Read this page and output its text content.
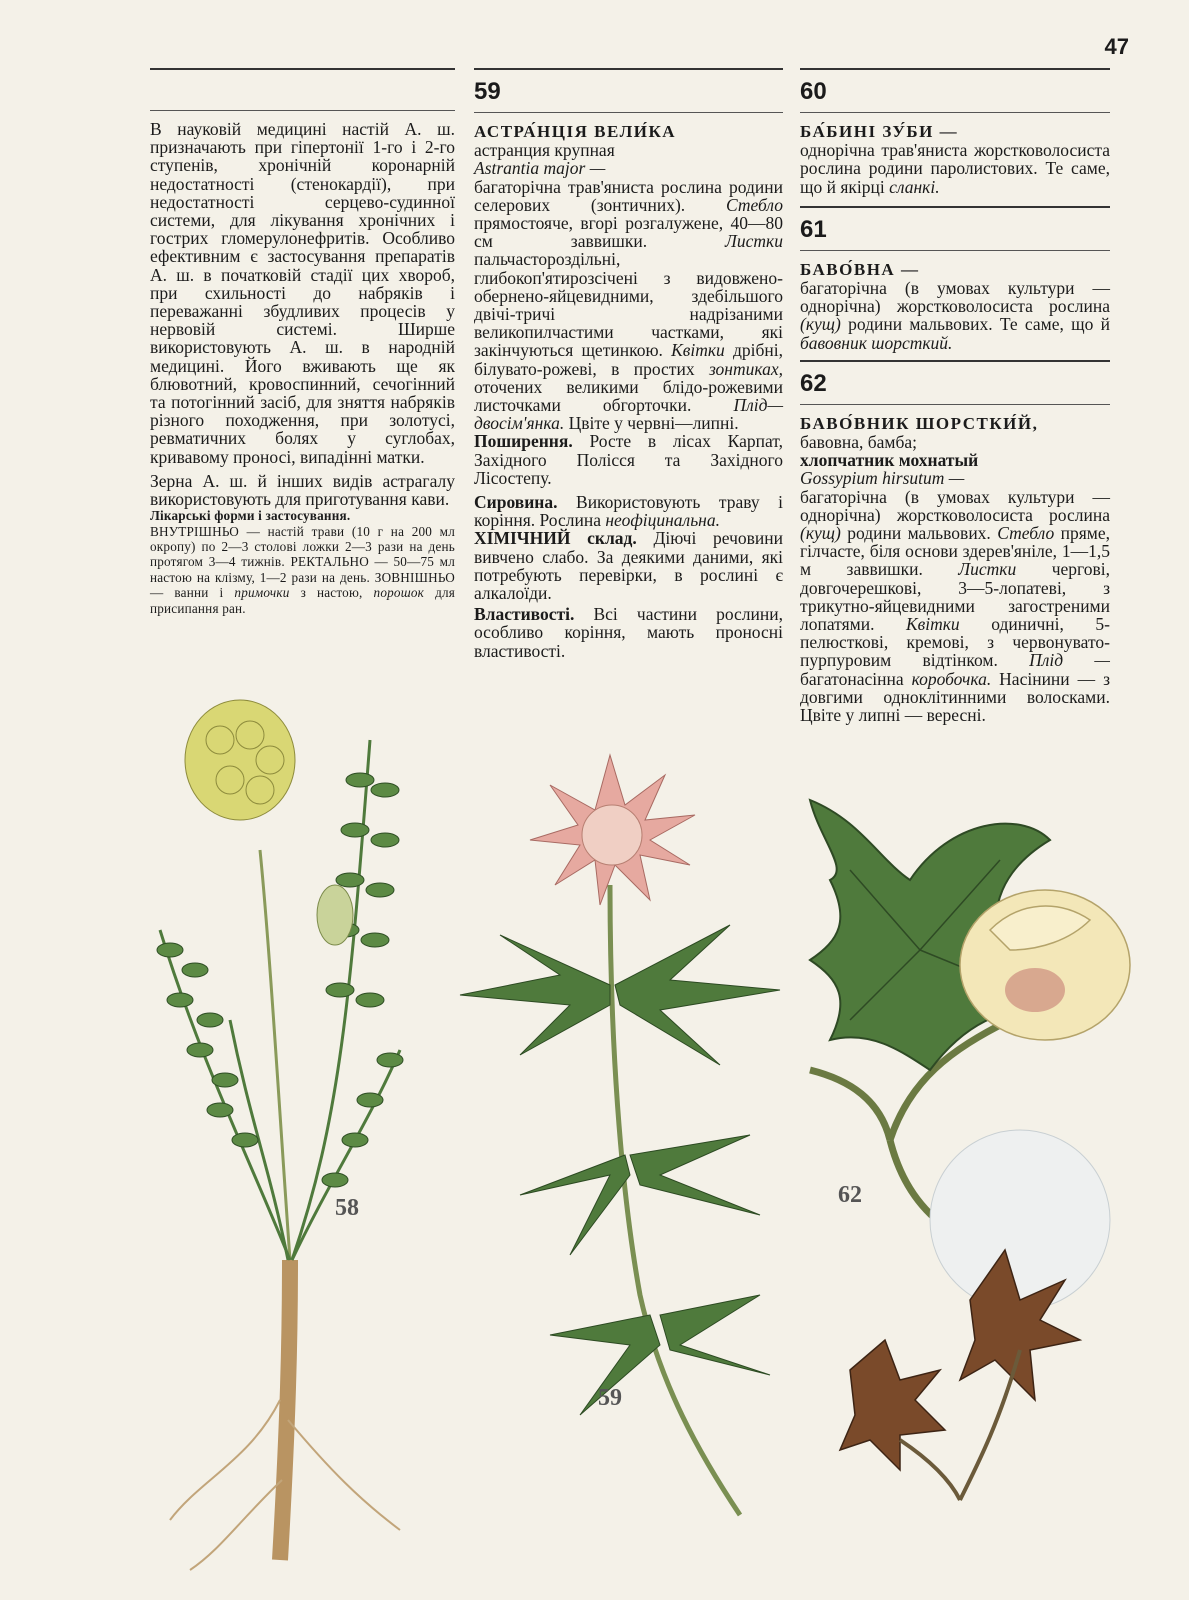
47

В науковій медицині настій А. ш. призначають при гіпертонії 1-го і 2-го ступенів, хронічній коронарній недостатності (стенокардії), при недостатності серцево-судинної системи, для лікування хронічних і гострих гломерулонефритів. Особливо ефективним є застосування препаратів А. ш. в початковій стадії цих хвороб, при схильності до набряків і переважанні збудливих процесів у нервовій системі. Ширше використовують А. ш. в народній медицині. Його вживають ще як блювотний, кровоспинний, сечогінний та потогінний засіб, для зняття набряків різного походження, при золотусі, ревматичних болях у суглобах, кривавому проносі, випадінні матки.

Зерна А. ш. й інших видів астрагалу використовують для приготування кави.

Лікарські форми і застосування.
ВНУТРІШНЬО — настій трави (10 г на 200 мл окропу) по 2—3 столові ложки 2—3 рази на день протягом 3—4 тижнів. РЕКТАЛЬНО — 50—75 мл настою на клізму, 1—2 рази на день. ЗОВНІШНЬО — ванни і примочки з настою, порошок для присипання ран.

59

АСТРА́НЦІЯ ВЕЛИ́КА
астранция крупная
Astrantia major —
багаторічна трав'яниста рослина родини селерових (зонтичних). Стебло прямостояче, вгорі розгалужене, 40—80 см заввишки.	Листки пальчастороздільні, глибокоп'ятирозсічені з видовжено-обернено-яйцевидними, здебільшого двічі-тричі надрізаними великопилчастими частками, які закінчуються щетинкою. Квітки дрібні, білувато-рожеві, в простих зонтиках, оточених великими блідо-рожевими листочками обгорточки. Плід— двосім'янка. Цвіте у червні—липні.
Поширення. Росте в лісах Карпат, Західного Полісся та Західного Лісостепу.

Сировина. Використовують траву і коріння. Рослина неофіцинальна.
ХІМІЧНИЙ склад. Діючі речовини вивчено слабо. За деякими даними, які потребують перевірки, в рослині є алкалоїди.

Властивості. Всі частини рослини, особливо коріння, мають проносні властивості.

60

БА́БИНІ ЗУ́БИ —
однорічна трав'яниста жорстковолосиста рослина родини паролистових. Те саме, що й якірці сланкі.

61

БАВО́ВНА —
багаторічна (в умовах культури — однорічна) жорстковолосиста рослина (кущ) родини мальвових. Те саме, що й бавовник шорсткий.

62

БАВО́ВНИК ШОРСТКИ́Й,
бавовна, бамба;
хлопчатник мохнатый
Gossypium hirsutum —
багаторічна (в умовах культури — однорічна) жорстковолосиста рослина (кущ) родини мальвових. Стебло пряме, гілчасте, біля основи здерев'яніле, 1—1,5 м заввишки. Листки чергові, довгочерешкові, 3—5-лопатеві, з трикутно-яйцевидними загостреними лопатями. Квітки одиничні, 5-пелюсткові, кремові, з червонувато-пурпуровим відтінком. Плід — багатонасінна коробочка. Насінини — з довгими одноклітинними волосками. Цвіте у липні — вересні.

58
59
62
